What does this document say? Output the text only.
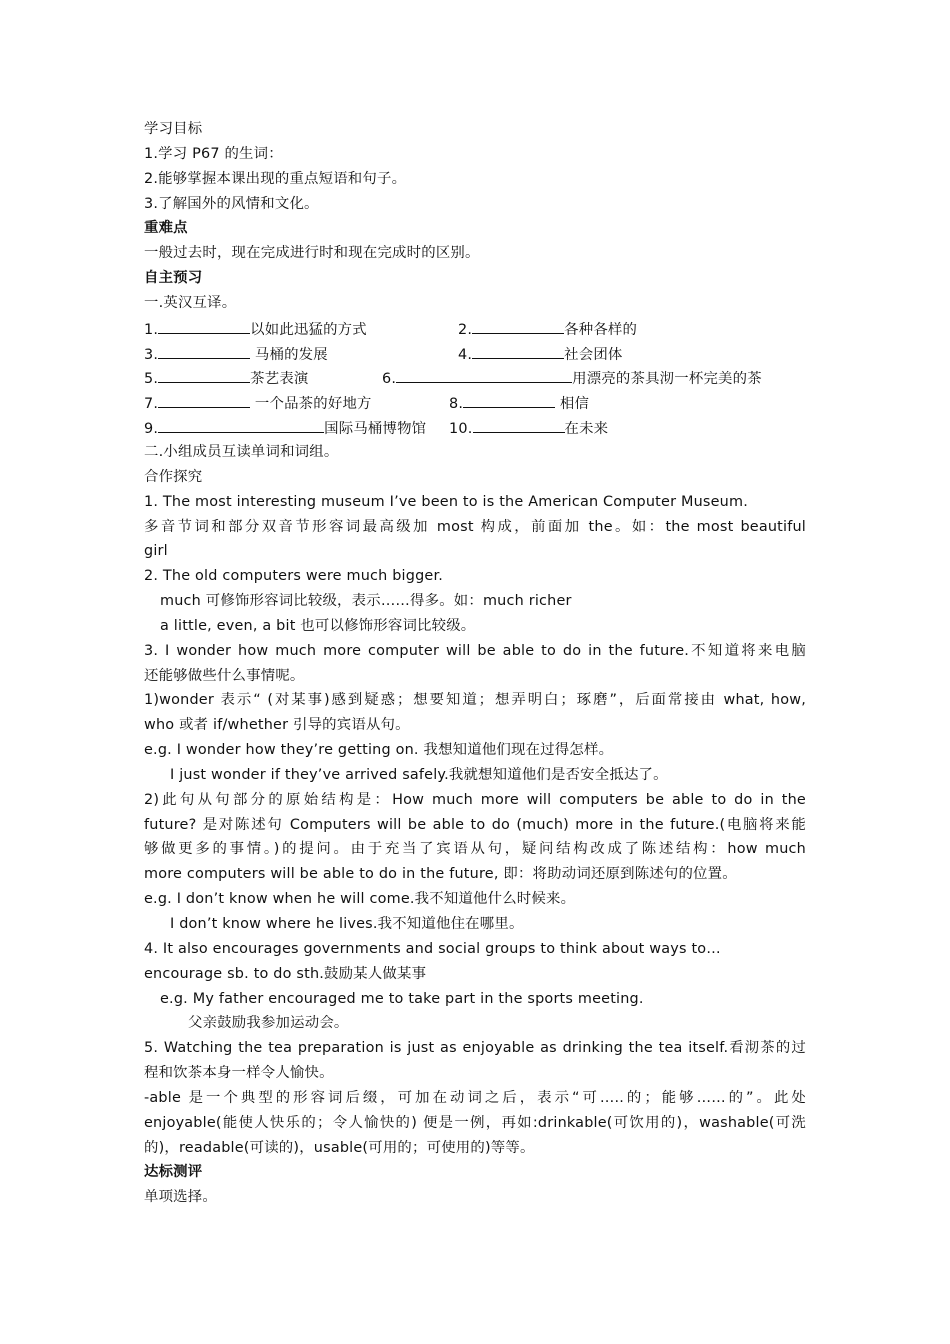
学习目标
1.学习 P67 的生词：
2.能够掌握本课出现的重点短语和句子。
3.了解国外的风情和文化。
重难点
一般过去时，现在完成进行时和现在完成时的区别。
自主预习
一.英汉互译。
1.	以如此迅猛的方式	2.	各种各样的
3.	马桶的发展	4.	社会团体
5.	茶艺表演	6.	用漂亮的茶具沏一杯完美的茶
7.	一个品茶的好地方	8.	相信
9.	国际马桶博物馆 10.	在未来
二.小组成员互读单词和词组。
合作探究
1. The most interesting museum I’ve been to is the American Computer Museum.
多音节词和部分双音节形容词最高级加 most 构成，前面加 the。如：the most beautiful
girl
2. The old computers were much bigger.
much 可修饰形容词比较级，表示……得多。如：much richer
a little, even, a bit 也可以修饰形容词比较级。
3. I wonder how much more computer will be able to do in the future.不知道将来电脑
还能够做些什么事情呢。
1)wonder 表示“ (对某事)感到疑惑；想要知道；想弄明白；琢磨”，后面常接由 what, how,
who 或者 if/whether 引导的宾语从句。
e.g. I wonder how they’re getting on. 我想知道他们现在过得怎样。
I just wonder if they’ve arrived safely.我就想知道他们是否安全抵达了。
2)此句从句部分的原始结构是：How much more will computers be able to do in the
future? 是对陈述句 Computers will be able to do (much) more in the future.(电脑将来能
够做更多的事情。)的提问。由于充当了宾语从句，疑问结构改成了陈述结构：how much
more computers will be able to do in the future, 即：将助动词还原到陈述句的位置。
e.g. I don’t know when he will come.我不知道他什么时候来。
I don’t know where he lives.我不知道他住在哪里。
4. It also encourages governments and social groups to think about ways to…
encourage sb. to do sth.鼓励某人做某事
e.g. My father encouraged me to take part in the sports meeting.
父亲鼓励我参加运动会。
5. Watching the tea preparation is just as enjoyable as drinking the tea itself.看沏茶的过
程和饮茶本身一样令人愉快。
-able 是一个典型的形容词后缀，可加在动词之后，表示“可…..的；能够……的”。此处
enjoyable(能使人快乐的；令人愉快的) 便是一例，再如:drinkable(可饮用的)，washable(可洗
的)，readable(可读的)，usable(可用的；可使用的)等等。
达标测评
单项选择。
